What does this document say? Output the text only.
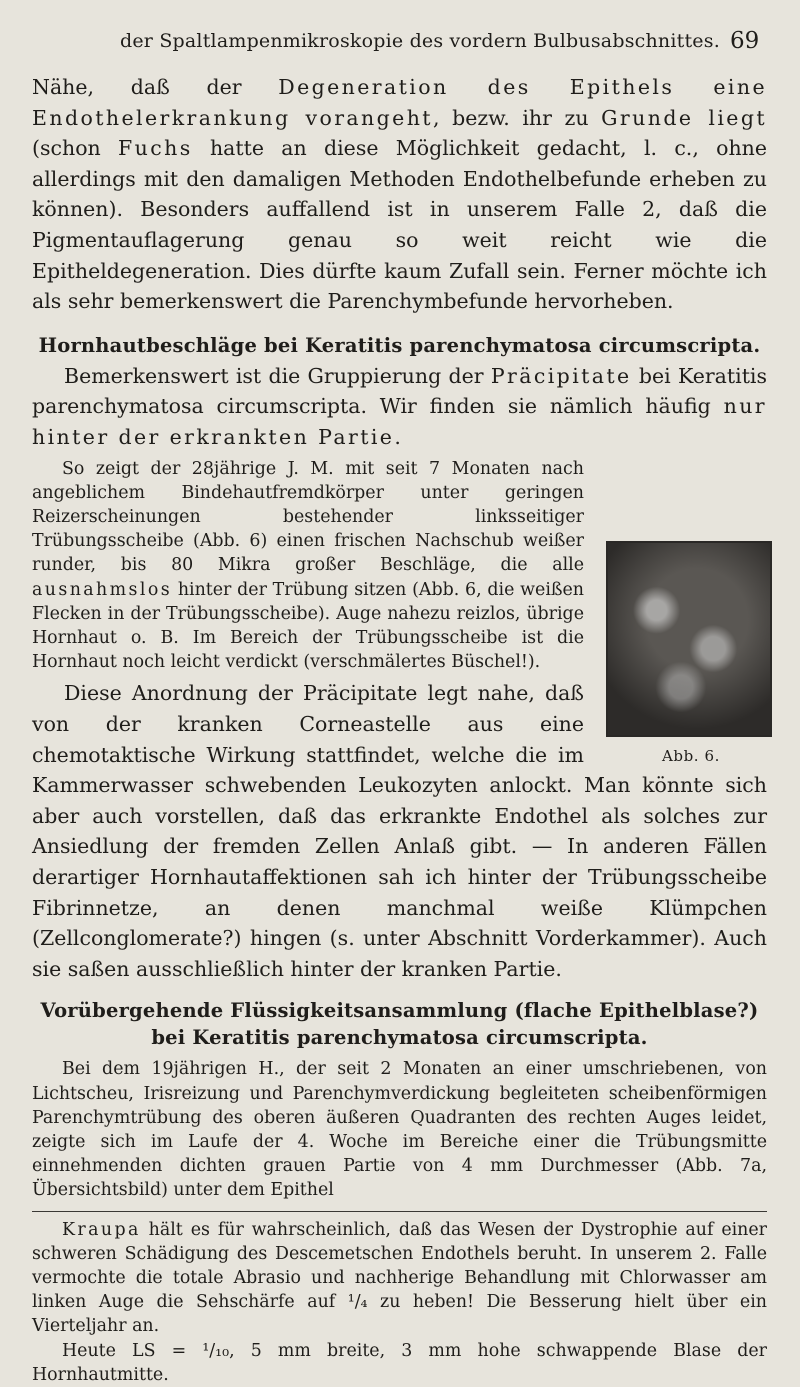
der Spaltlampenmikroskopie des vordern Bulbusabschnittes. 69

Nähe, daß der Degeneration des Epithels eine Endothelerkrankung vorangeht, bezw. ihr zu Grunde liegt (schon Fuchs hatte an diese Möglichkeit gedacht, l. c., ohne allerdings mit den damaligen Methoden Endothelbefunde erheben zu können). Besonders auffallend ist in unserem Falle 2, daß die Pigmentauflagerung genau so weit reicht wie die Epitheldegeneration. Dies dürfte kaum Zufall sein. Ferner möchte ich als sehr bemerkenswert die Parenchymbefunde hervorheben.

Hornhautbeschläge bei Keratitis parenchymatosa circumscripta.

Bemerkenswert ist die Gruppierung der Präcipitate bei Keratitis parenchymatosa circumscripta. Wir finden sie nämlich häufig nur hinter der erkrankten Partie.

Abb. 6.

So zeigt der 28jährige J. M. mit seit 7 Monaten nach angeblichem Bindehautfremdkörper unter geringen Reizerscheinungen bestehender linksseitiger Trübungsscheibe (Abb. 6) einen frischen Nachschub weißer runder, bis 80 Mikra großer Beschläge, die alle ausnahmslos hinter der Trübung sitzen (Abb. 6, die weißen Flecken in der Trübungsscheibe). Auge nahezu reizlos, übrige Hornhaut o. B. Im Bereich der Trübungsscheibe ist die Hornhaut noch leicht verdickt (verschmälertes Büschel!).

Diese Anordnung der Präcipitate legt nahe, daß von der kranken Corneastelle aus eine chemotaktische Wirkung stattfindet, welche die im Kammerwasser schwebenden Leukozyten anlockt. Man könnte sich aber auch vorstellen, daß das erkrankte Endothel als solches zur Ansiedlung der fremden Zellen Anlaß gibt. — In anderen Fällen derartiger Hornhautaffektionen sah ich hinter der Trübungsscheibe Fibrinnetze, an denen manchmal weiße Klümpchen (Zellconglomerate?) hingen (s. unter Abschnitt Vorderkammer). Auch sie saßen ausschließlich hinter der kranken Partie.

Vorübergehende Flüssigkeitsansammlung (flache Epithelblase?) bei Keratitis parenchymatosa circumscripta.

Bei dem 19jährigen H., der seit 2 Monaten an einer umschriebenen, von Lichtscheu, Irisreizung und Parenchymverdickung begleiteten scheibenförmigen Parenchymtrübung des oberen äußeren Quadranten des rechten Auges leidet, zeigte sich im Laufe der 4. Woche im Bereiche einer die Trübungsmitte einnehmenden dichten grauen Partie von 4 mm Durchmesser (Abb. 7a, Übersichtsbild) unter dem Epithel

Kraupa hält es für wahrscheinlich, daß das Wesen der Dystrophie auf einer schweren Schädigung des Descemetschen Endothels beruht. In unserem 2. Falle vermochte die totale Abrasio und nachherige Behandlung mit Chlorwasser am linken Auge die Sehschärfe auf ¹/₄ zu heben! Die Besserung hielt über ein Vierteljahr an.

Heute LS = ¹/₁₀, 5 mm breite, 3 mm hohe schwappende Blase der Hornhautmitte.
